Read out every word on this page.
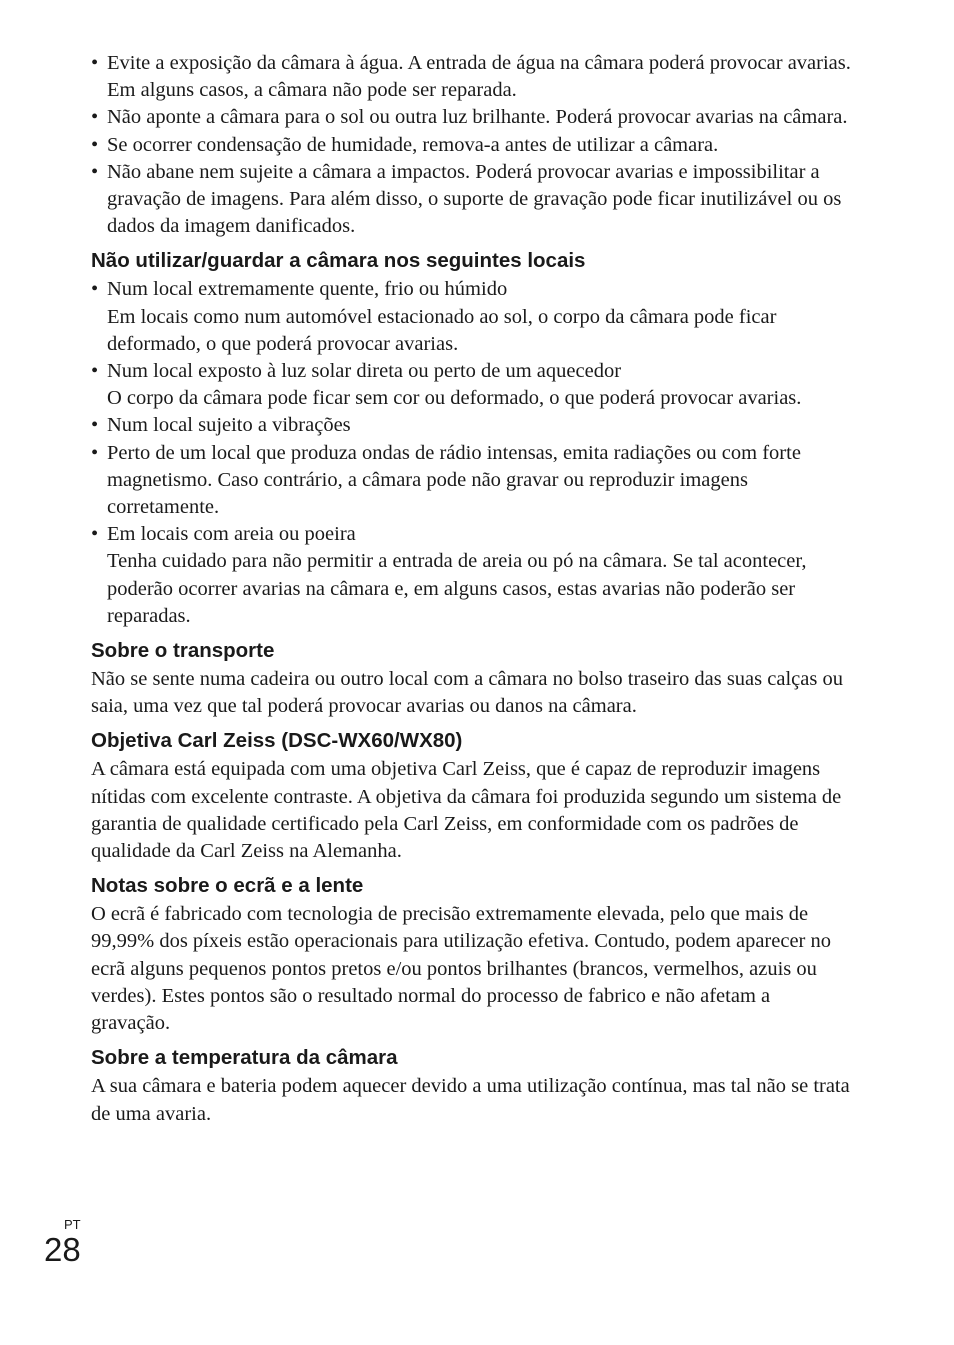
• Evite a exposição da câmara à água. A entrada de água na câmara poderá provocar avarias. Em alguns casos, a câmara não pode ser reparada.
• Não aponte a câmara para o sol ou outra luz brilhante. Poderá provocar avarias na câmara.
• Se ocorrer condensação de humidade, remova-a antes de utilizar a câmara.
• Não abane nem sujeite a câmara a impactos. Poderá provocar avarias e impossibilitar a gravação de imagens. Para além disso, o suporte de gravação pode ficar inutilizável ou os dados da imagem danificados.
Não utilizar/guardar a câmara nos seguintes locais
• Num local extremamente quente, frio ou húmido
Em locais como num automóvel estacionado ao sol, o corpo da câmara pode ficar deformado, o que poderá provocar avarias.
• Num local exposto à luz solar direta ou perto de um aquecedor
O corpo da câmara pode ficar sem cor ou deformado, o que poderá provocar avarias.
• Num local sujeito a vibrações
• Perto de um local que produza ondas de rádio intensas, emita radiações ou com forte magnetismo. Caso contrário, a câmara pode não gravar ou reproduzir imagens corretamente.
• Em locais com areia ou poeira
Tenha cuidado para não permitir a entrada de areia ou pó na câmara. Se tal acontecer, poderão ocorrer avarias na câmara e, em alguns casos, estas avarias não poderão ser reparadas.
Sobre o transporte

Não se sente numa cadeira ou outro local com a câmara no bolso traseiro das suas calças ou saia, uma vez que tal poderá provocar avarias ou danos na câmara.

Objetiva Carl Zeiss (DSC-WX60/WX80)

A câmara está equipada com uma objetiva Carl Zeiss, que é capaz de reproduzir imagens nítidas com excelente contraste. A objetiva da câmara foi produzida segundo um sistema de garantia de qualidade certificado pela Carl Zeiss, em conformidade com os padrões de qualidade da Carl Zeiss na Alemanha.

Notas sobre o ecrã e a lente

O ecrã é fabricado com tecnologia de precisão extremamente elevada, pelo que mais de 99,99% dos píxeis estão operacionais para utilização efetiva. Contudo, podem aparecer no ecrã alguns pequenos pontos pretos e/ou pontos brilhantes (brancos, vermelhos, azuis ou verdes). Estes pontos são o resultado normal do processo de fabrico e não afetam a gravação.

Sobre a temperatura da câmara

A sua câmara e bateria podem aquecer devido a uma utilização contínua, mas tal não se trata de uma avaria.

PT
28
